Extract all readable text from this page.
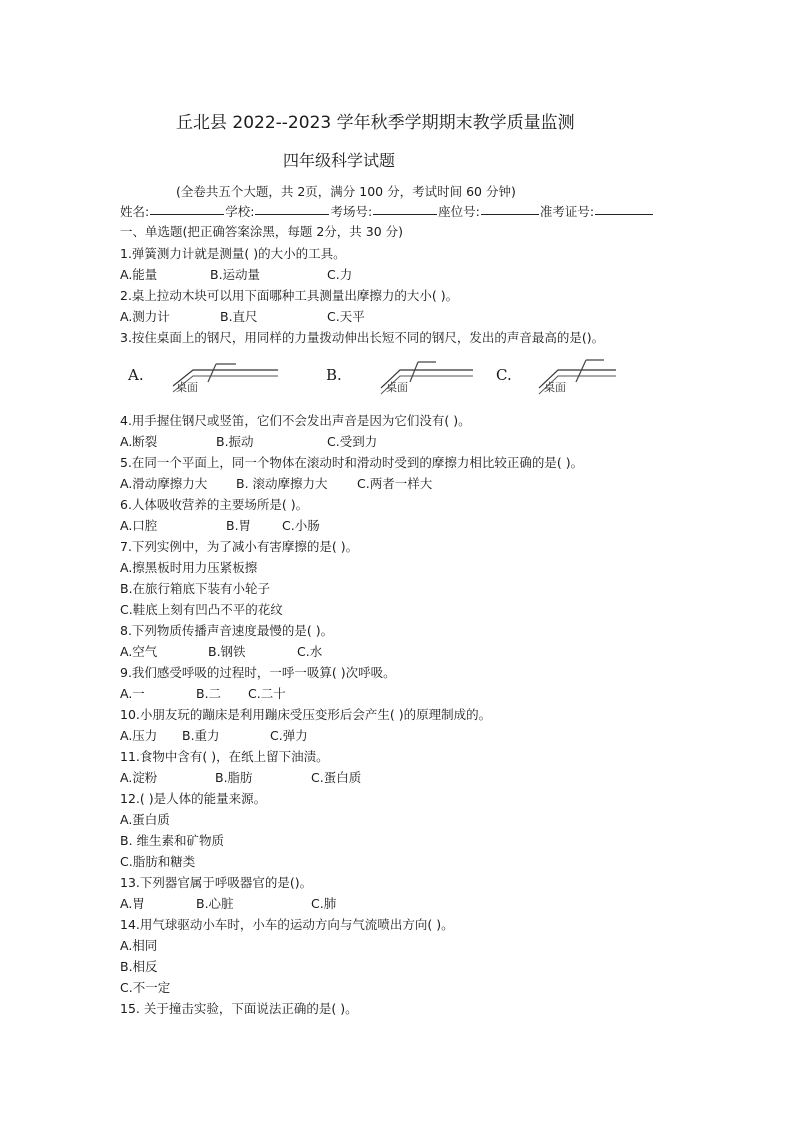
丘北县 2022--2023 学年秋季学期期末教学质量监测
四年级科学试题
(全卷共五个大题，共 2页，满分 100 分，考试时间 60 分钟)
姓名:	学校:	考场号:	座位号:	准考证号:
一、单选题(把正确答案涂黑，每题 2分，共 30 分)
1.弹簧测力计就是测量( )的大小的工具。
A.能量	B.运动量	C.力
2.桌上拉动木块可以用下面哪种工具测量出摩擦力的大小( )。
A.测力计	B.直尺	C.天平
3.按住桌面上的钢尺，用同样的力量拨动伸出长短不同的钢尺，发出的声音最高的是()。
A.
桌面
B.
桌面
C.
桌面
4.用手握住钢尺或竖笛，它们不会发出声音是因为它们没有( )。
A.断裂	B.振动	C.受到力
5.在同一个平面上，同一个物体在滚动时和滑动时受到的摩擦力相比较正确的是( )。
A.滑动摩擦力大 B. 滚动摩擦力大 C.两者一样大
6.人体吸收营养的主要场所是( )。
A.口腔	B.胃 C.小肠
7.下列实例中，为了减小有害摩擦的是( )。
A.擦黑板时用力压紧板擦
B.在旅行箱底下装有小轮子
C.鞋底上刻有凹凸不平的花纹
8.下列物质传播声音速度最慢的是( )。
A.空气	B.钢铁	C.水
9.我们感受呼吸的过程时，一呼一吸算( )次呼吸。
A.一	B.二 C.二十
10.小朋友玩的蹦床是利用蹦床受压变形后会产生( )的原理制成的。
A.压力 B.重力	C.弹力
11.食物中含有( )，在纸上留下油渍。
A.淀粉	B.脂肪	C.蛋白质
12.( )是人体的能量来源。
A.蛋白质
B. 维生素和矿物质
C.脂肪和糖类
13.下列器官属于呼吸器官的是()。
A.胃	B.心脏	C.肺
14.用气球驱动小车时，小车的运动方向与气流喷出方向( )。
A.相同
B.相反
C.不一定
15. 关于撞击实验，下面说法正确的是( )。
